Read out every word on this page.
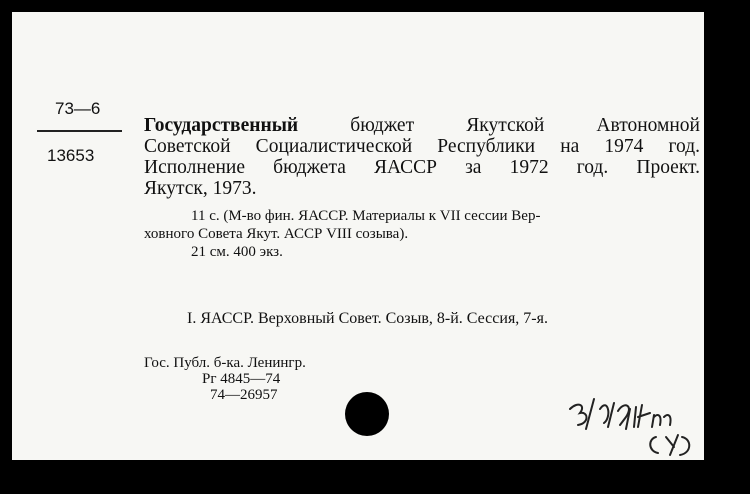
73—6
13653

Государственный бюджет Якутской Автономной

Советской Социалистической Республики на 1974 год.

Исполнение бюджета ЯАССР за 1972 год. Проект.

Якутск, 1973.

11 с. (М-во фин. ЯАССР. Материалы к VII сессии Вер-

ховного Совета Якут. АССР VIII созыва).

21 см. 400 экз.

I. ЯАССР. Верховный Совет. Созыв, 8-й. Сессия, 7-я.
Гос. Публ. б-ка. Ленингр.
Рг 4845—74
74—26957
